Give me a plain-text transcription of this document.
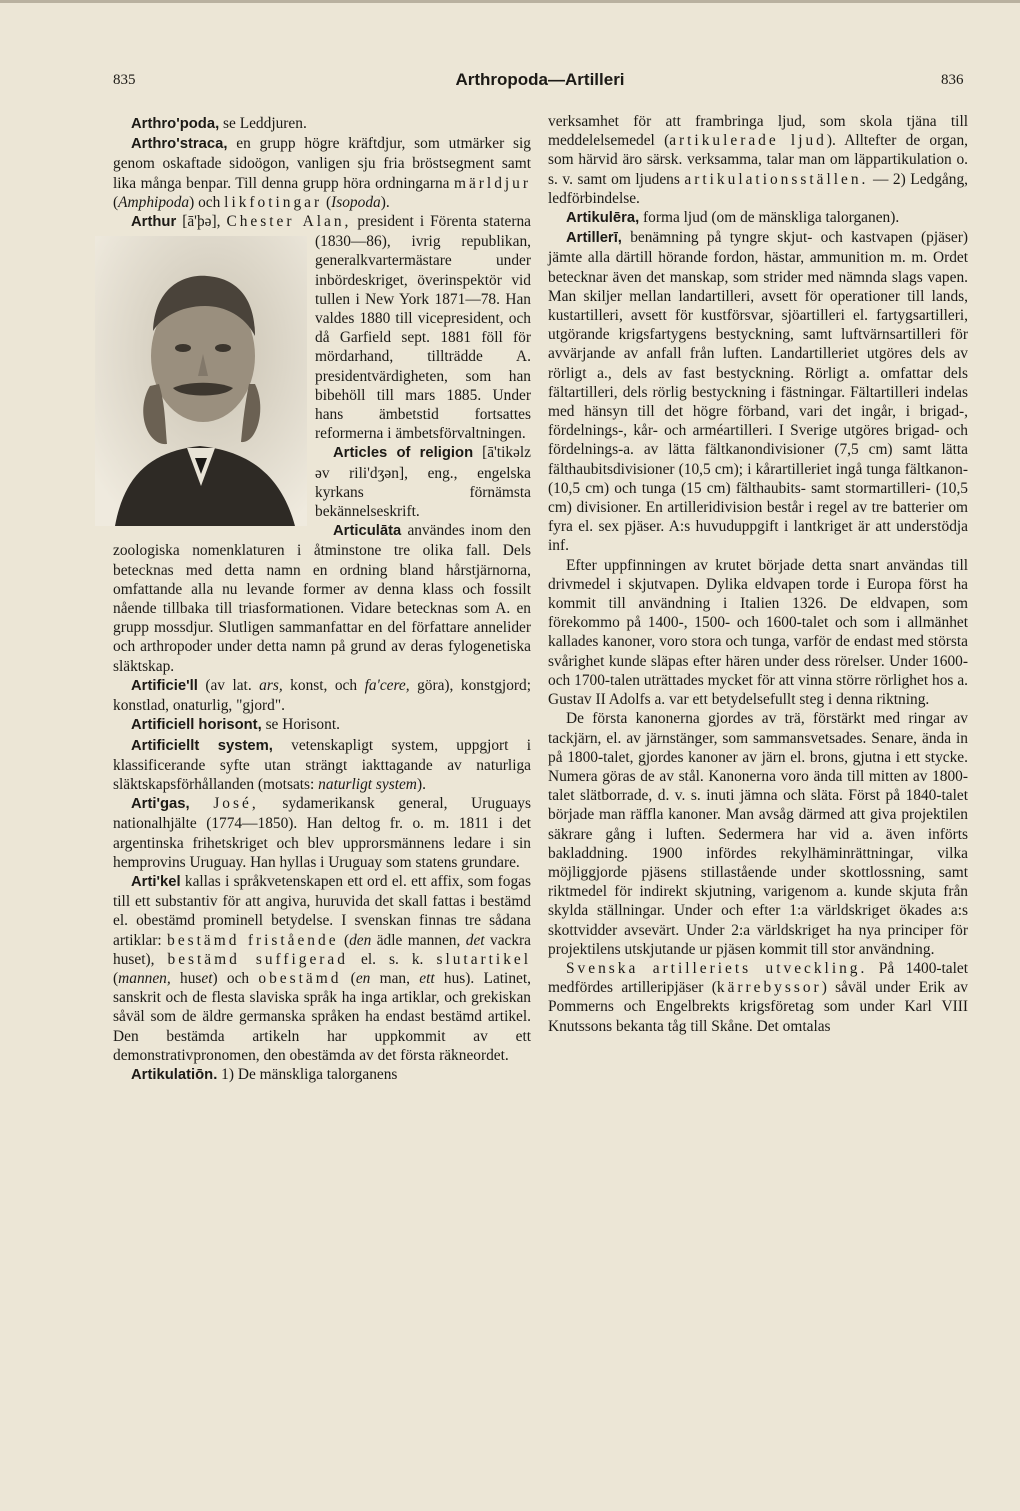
835	Arthropoda—Artilleri	836

Arthro'poda, se Leddjuren.

Arthro'straca, en grupp högre kräftdjur, som utmärker sig genom oskaftade sidoögon, vanligen sju fria bröstsegment samt lika många benpar. Till denna grupp höra ordningarna märldjur (Amphipoda) och likfotingar (Isopoda).

Arthur [ā'þə], Chester Alan,
president i Förenta staterna (1830—86), ivrig republikan, generalkvartermästare under inbördeskriget, överinspektör vid tullen i New York 1871—78. Han valdes 1880 till vicepresident, och då Garfield sept. 1881 föll för mördarhand, tillträdde A. presidentvärdigheten, som han bibehöll till mars 1885. Under hans ämbetstid fortsattes reformerna i ämbetsförvaltningen.

Articles of religion [ā'tikəlz əv rili'dʒən], eng., engelska kyrkans förnämsta bekännelseskrift.

Articulāta användes inom den zoologiska nomenklaturen i åtminstone tre olika fall. Dels betecknas med detta namn en ordning bland hårstjärnorna, omfattande alla nu levande former av denna klass och fossilt nående tillbaka till triasformationen. Vidare betecknas som A. en grupp mossdjur. Slutligen sammanfattar en del författare annelider och arthropoder under detta namn på grund av deras fylogenetiska släktskap.

Artificie'll (av lat. ars, konst, och fa'cere, göra), konstgjord; konstlad, onaturlig, "gjord".

Artificiell horisont, se Horisont.

Artificiellt system, vetenskapligt system, uppgjort i klassificerande syfte utan strängt iakttagande av naturliga släktskapsförhållanden (motsats: naturligt system).

Arti'gas, José, sydamerikansk general, Uruguays nationalhjälte (1774—1850). Han deltog fr. o. m. 1811 i det argentinska frihetskriget och blev upprorsmännens ledare i sin hemprovins Uruguay. Han hyllas i Uruguay som statens grundare.

Arti'kel kallas i språkvetenskapen ett ord el. ett affix, som fogas till ett substantiv för att angiva, huruvida det skall fattas i bestämd el. obestämd prominell betydelse. I svenskan finnas tre sådana artiklar: bestämd fristående (den ädle mannen, det vackra huset), bestämd suffigerad el. s. k. slutartikel (mannen, huset) och obestämd (en man, ett hus). Latinet, sanskrit och de flesta slaviska språk ha inga artiklar, och grekiskan såväl som de äldre germanska språken ha endast bestämd artikel. Den bestämda artikeln har uppkommit av ett demonstrativpronomen, den obestämda av det första räkneordet.

Artikulatiōn. 1) De mänskliga talorganens

verksamhet för att frambringa ljud, som skola tjäna till meddelelsemedel (artikulerade ljud). Alltefter de organ, som härvid äro särsk. verksamma, talar man om läppartikulation o. s. v. samt om ljudens artikulationsställen. — 2) Ledgång, ledförbindelse.

Artikulēra, forma ljud (om de mänskliga talorganen).

Artillerī, benämning på tyngre skjut- och kastvapen (pjäser) jämte alla därtill hörande fordon, hästar, ammunition m. m. Ordet betecknar även det manskap, som strider med nämnda slags vapen. Man skiljer mellan landartilleri, avsett för operationer till lands, kustartilleri, avsett för kustförsvar, sjöartilleri el. fartygsartilleri, utgörande krigsfartygens bestyckning, samt luftvärnsartilleri för avvärjande av anfall från luften. Landartilleriet utgöres dels av rörligt a., dels av fast bestyckning. Rörligt a. omfattar dels fältartilleri, dels rörlig bestyckning i fästningar. Fältartilleri indelas med hänsyn till det högre förband, vari det ingår, i brigad-, fördelnings-, kår- och arméartilleri. I Sverige utgöres brigad- och fördelnings-a. av lätta fältkanondivisioner (7,5 cm) samt lätta fälthaubitsdivisioner (10,5 cm); i kårartilleriet ingå tunga fältkanon- (10,5 cm) och tunga (15 cm) fälthaubits- samt stormartilleri- (10,5 cm) divisioner. En artilleridivision består i regel av tre batterier om fyra el. sex pjäser. A:s huvuduppgift i lantkriget är att understödja inf.

Efter uppfinningen av krutet började detta snart användas till drivmedel i skjutvapen. Dylika eldvapen torde i Europa först ha kommit till användning i Italien 1326. De eldvapen, som förekommo på 1400-, 1500- och 1600-talet och som i allmänhet kallades kanoner, voro stora och tunga, varför de endast med största svårighet kunde släpas efter hären under dess rörelser. Under 1600- och 1700-talen uträttades mycket för att vinna större rörlighet hos a. Gustav II Adolfs a. var ett betydelsefullt steg i denna riktning.

De första kanonerna gjordes av trä, förstärkt med ringar av tackjärn, el. av järnstänger, som sammansvetsades. Senare, ända in på 1800-talet, gjordes kanoner av järn el. brons, gjutna i ett stycke. Numera göras de av stål. Kanonerna voro ända till mitten av 1800-talet slätborrade, d. v. s. inuti jämna och släta. Först på 1840-talet började man räffla kanoner. Man avsåg därmed att giva projektilen säkrare gång i luften. Sedermera har vid a. även införts bakladdning. 1900 infördes rekylhäminrättningar, vilka möjliggjorde pjäsens stillastående under skottlossning, samt riktmedel för indirekt skjutning, varigenom a. kunde skjuta från skylda ställningar. Under och efter 1:a världskriget ökades a:s skottvidder avsevärt. Under 2:a världskriget ha nya principer för projektilens utskjutande ur pjäsen kommit till stor användning.

Svenska artilleriets utveckling. På 1400-talet medfördes artilleripjäser (kärrebyssor) såväl under Erik av Pommerns och Engelbrekts krigsföretag som under Karl VIII Knutssons bekanta tåg till Skåne. Det omtalas
